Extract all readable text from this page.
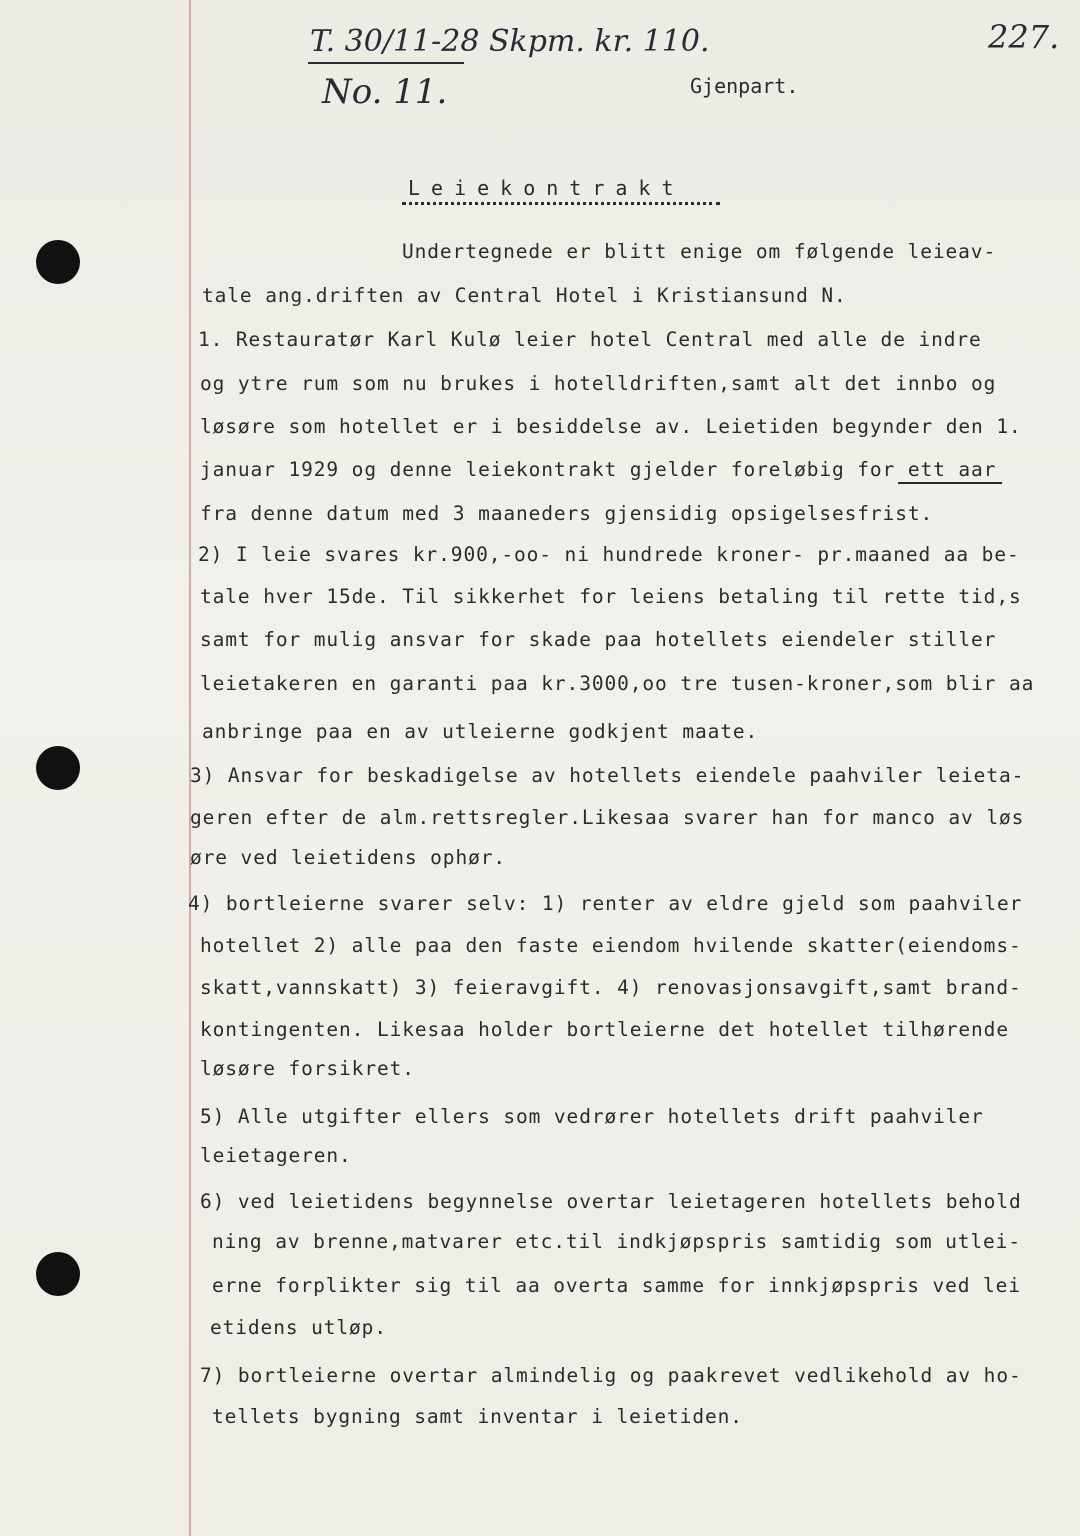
T. 30/11-28 Skpm. kr. 110.	227.
No. 11.	Gjenpart.
Leiekontrakt
Undertegnede er blitt enige om følgende leieav-
tale ang.driften av Central Hotel i Kristiansund N.
1. Restauratør Karl Kulø leier hotel Central med alle de indre
og ytre rum som nu brukes i hotelldriften,samt alt det innbo og
løsøre som hotellet er i besiddelse av. Leietiden begynder den 1.
januar 1929 og denne leiekontrakt gjelder foreløbig for ett aar
fra denne datum med 3 maaneders gjensidig opsigelsesfrist.
2) I leie svares kr.900,-oo- ni hundrede kroner- pr.maaned aa be-
tale hver 15de. Til sikkerhet for leiens betaling til rette tid,s
samt for mulig ansvar for skade paa hotellets eiendeler stiller
leietakeren en garanti paa kr.3000,oo tre tusen-kroner,som blir aa
anbringe paa en av utleierne godkjent maate.
3) Ansvar for beskadigelse av hotellets eiendele paahviler leieta-
geren efter de alm.rettsregler.Likesaa svarer han for manco av løs
øre ved leietidens ophør.
4) bortleierne svarer selv: 1) renter av eldre gjeld som paahviler
hotellet 2) alle paa den faste eiendom hvilende skatter(eiendoms-
skatt,vannskatt) 3) feieravgift. 4) renovasjonsavgift,samt brand-
kontingenten. Likesaa holder bortleierne det hotellet tilhørende
løsøre forsikret.
5) Alle utgifter ellers som vedrører hotellets drift paahviler
leietageren.
6) ved leietidens begynnelse overtar leietageren hotellets behold
ning av brenne,matvarer etc.til indkjøpspris samtidig som utlei-
erne forplikter sig til aa overta samme for innkjøpspris ved lei
etidens utløp.
7) bortleierne overtar almindelig og paakrevet vedlikehold av ho-
tellets bygning samt inventar i leietiden.
